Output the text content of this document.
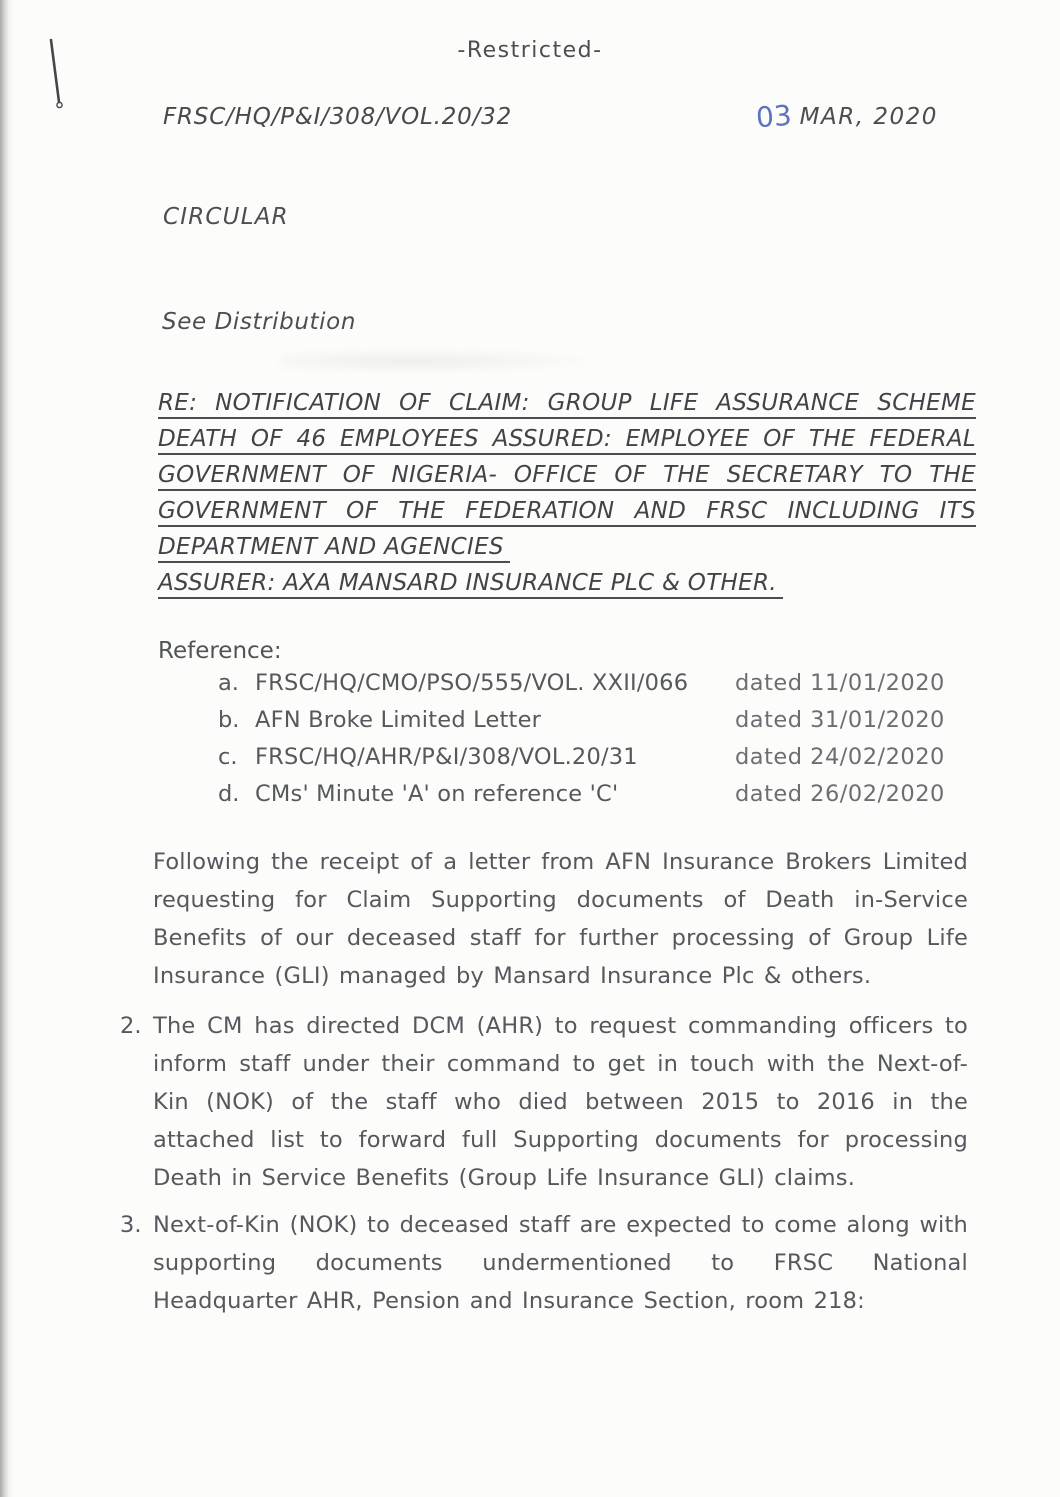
-Restricted-
FRSC/HQ/P&I/308/VOL.20/32	03 MAR, 2020
CIRCULAR
See Distribution
RE: NOTIFICATION OF CLAIM: GROUP LIFE ASSURANCE SCHEME
DEATH OF 46 EMPLOYEES ASSURED: EMPLOYEE OF THE FEDERAL
GOVERNMENT OF NIGERIA- OFFICE OF THE SECRETARY TO THE
GOVERNMENT OF THE FEDERATION AND FRSC INCLUDING ITS
DEPARTMENT AND AGENCIES
ASSURER: AXA MANSARD INSURANCE PLC & OTHER.
Reference:
a. FRSC/HQ/CMO/PSO/555/VOL. XXII/066	dated 11/01/2020
b. AFN Broke Limited Letter	dated 31/01/2020
c. FRSC/HQ/AHR/P&I/308/VOL.20/31	dated 24/02/2020
d. CMs' Minute 'A' on reference 'C'	dated 26/02/2020
Following the receipt of a letter from AFN Insurance Brokers Limited requesting for Claim Supporting documents of Death in-Service Benefits of our deceased staff for further processing of Group Life Insurance (GLI) managed by Mansard Insurance Plc & others.
2. The CM has directed DCM (AHR) to request commanding officers to inform staff under their command to get in touch with the Next-of-Kin (NOK) of the staff who died between 2015 to 2016 in the attached list to forward full Supporting documents for processing Death in Service Benefits (Group Life Insurance GLI) claims.
3. Next-of-Kin (NOK) to deceased staff are expected to come along with supporting documents undermentioned to FRSC National Headquarter AHR, Pension and Insurance Section, room 218:
